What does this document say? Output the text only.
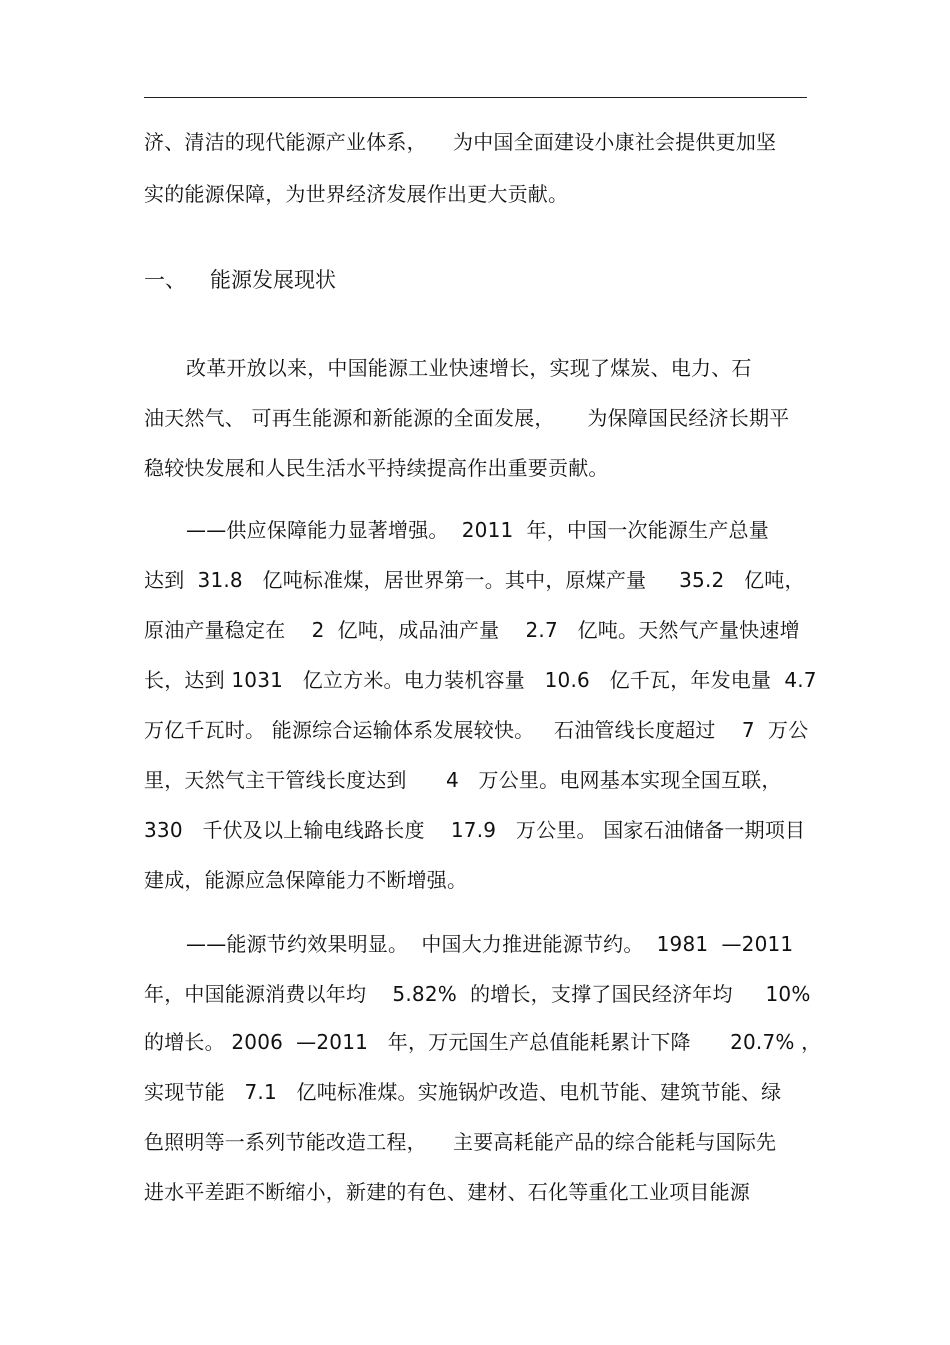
济、清洁的现代能源产业体系，    为中国全面建设小康社会提供更加坚
实的能源保障，为世界经济发展作出更大贡献。
一、 能源发展现状
改革开放以来，中国能源工业快速增长，实现了煤炭、电力、石
油天然气、 可再生能源和新能源的全面发展，     为保障国民经济长期平
稳较快发展和人民生活水平持续提高作出重要贡献。
——供应保障能力显著增强。  2011  年，中国一次能源生产总量
达到  31.8   亿吨标准煤，居世界第一。其中，原煤产量     35.2   亿吨，
原油产量稳定在    2  亿吨，成品油产量    2.7   亿吨。天然气产量快速增
长，达到 1031   亿立方米。电力装机容量   10.6   亿千瓦，年发电量  4.7
万亿千瓦时。 能源综合运输体系发展较快。   石油管线长度超过    7  万公
里，天然气主干管线长度达到      4   万公里。电网基本实现全国互联，
330   千伏及以上输电线路长度    17.9   万公里。 国家石油储备一期项目
建成，能源应急保障能力不断增强。
——能源节约效果明显。  中国大力推进能源节约。  1981  —2011
年，中国能源消费以年均    5.82%  的增长，支撑了国民经济年均     10%
的增长。 2006  —2011   年，万元国生产总值能耗累计下降      20.7% ，
实现节能   7.1   亿吨标准煤。实施锅炉改造、电机节能、建筑节能、绿
色照明等一系列节能改造工程，    主要高耗能产品的综合能耗与国际先
进水平差距不断缩小，新建的有色、建材、石化等重化工业项目能源
